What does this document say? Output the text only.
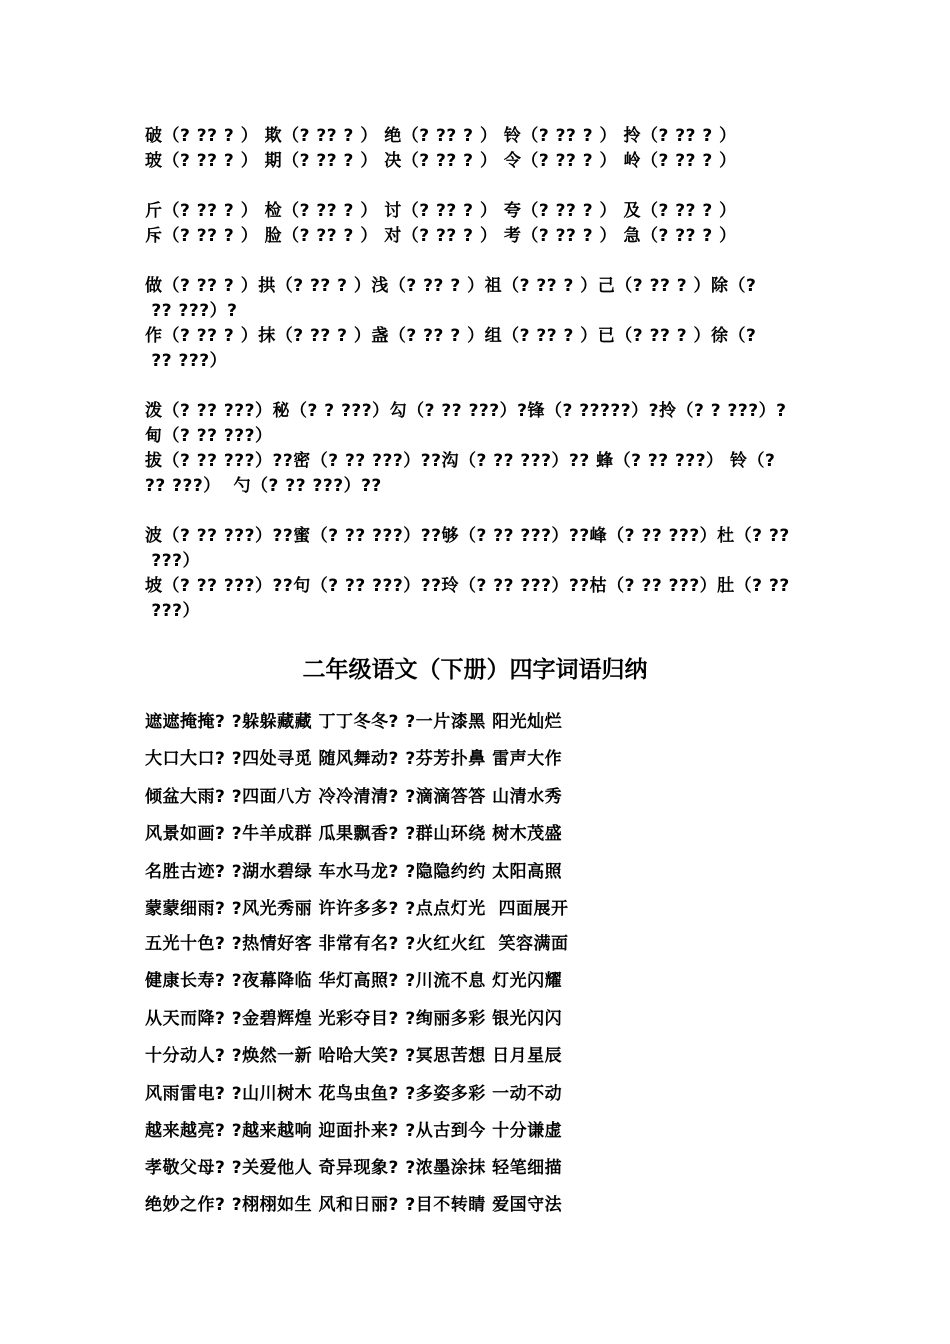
破（? ?? ? ） 欺（? ?? ? ） 绝（? ?? ? ） 铃（? ?? ? ） 拎（? ?? ? ）
玻（? ?? ? ） 期（? ?? ? ） 决（? ?? ? ） 令（? ?? ? ） 岭（? ?? ? ）
斤（? ?? ? ） 检（? ?? ? ） 讨（? ?? ? ） 夸（? ?? ? ） 及（? ?? ? ）
斥（? ?? ? ） 脸（? ?? ? ） 对（? ?? ? ） 考（? ?? ? ） 急（? ?? ? ）
做（? ?? ? ）拱（? ?? ? ）浅（? ?? ? ）祖（? ?? ? ）己（? ?? ? ）除（?
?? ???）?
作（? ?? ? ）抹（? ?? ? ）盏（? ?? ? ）组（? ?? ? ）已（? ?? ? ）徐（?
?? ???）
泼（? ?? ???）秘（? ? ???）勾（? ?? ???）?锋（? ?????）?拎（? ? ???）?
甸（? ?? ???）
拔（? ?? ???）??密（? ?? ???）??沟（? ?? ???）?? 蜂（? ?? ???） 铃（?
?? ???）  勺（? ?? ???）??
波（? ?? ???）??蜜（? ?? ???）??够（? ?? ???）??峰（? ?? ???）杜（? ??
???）
坡（? ?? ???）??句（? ?? ???）??玲（? ?? ???）??枯（? ?? ???）肚（? ??
???）
二年级语文（下册）四字词语归纳
遮遮掩掩? ?躲躲藏藏 丁丁冬冬? ?一片漆黑 阳光灿烂
大口大口? ?四处寻觅 随风舞动? ?芬芳扑鼻 雷声大作
倾盆大雨? ?四面八方 冷冷清清? ?滴滴答答 山清水秀
风景如画? ?牛羊成群 瓜果飘香? ?群山环绕 树木茂盛
名胜古迹? ?湖水碧绿 车水马龙? ?隐隐约约 太阳高照
蒙蒙细雨? ?风光秀丽 许许多多? ?点点灯光  四面展开
五光十色? ?热情好客 非常有名? ?火红火红  笑容满面
健康长寿? ?夜幕降临 华灯高照? ?川流不息 灯光闪耀
从天而降? ?金碧辉煌 光彩夺目? ?绚丽多彩 银光闪闪
十分动人? ?焕然一新 哈哈大笑? ?冥思苦想 日月星辰
风雨雷电? ?山川树木 花鸟虫鱼? ?多姿多彩 一动不动
越来越亮? ?越来越响 迎面扑来? ?从古到今 十分谦虚
孝敬父母? ?关爱他人 奇异现象? ?浓墨涂抹 轻笔细描
绝妙之作? ?栩栩如生 风和日丽? ?目不转睛 爱国守法
